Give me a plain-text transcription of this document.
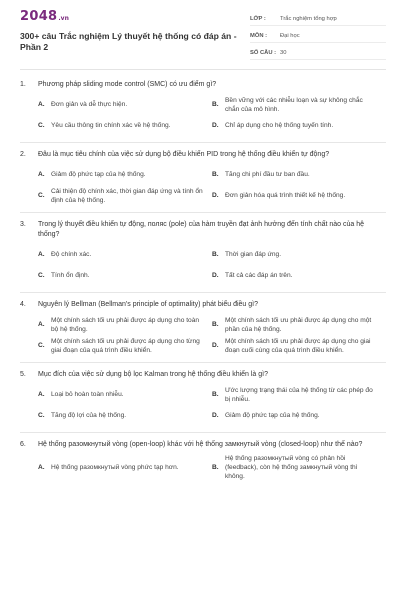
2048 .vn
300+ câu Trắc nghiệm Lý thuyết hệ thống có đáp án - Phần 2
LỚP :	Trắc nghiệm tổng hợp
MÔN :	Đại học
SỐ CÂU : 30
1.	Phương pháp sliding mode control (SMC) có ưu điểm gì?
A. Đơn giản và dễ thực hiện.	B.
Bền vững với các nhiễu loạn và sự không chắc chắn của mô hình.
C. Yêu cầu thông tin chính xác về hệ thống.	D. Chỉ áp dụng cho hệ thống tuyến tính.
2.	Đâu là mục tiêu chính của việc sử dụng bộ điều khiển PID trong hệ thống điều khiển tự động?
A. Giảm độ phức tạp của hệ thống.	B. Tăng chi phí đầu tư ban đầu.
C.
Cải thiện độ chính xác, thời gian đáp ứng và tính ổn định của hệ thống.
D. Đơn giản hóa quá trình thiết kế hệ thống.
3.	Trong lý thuyết điều khiển tự động, поляс (pole) của hàm truyền đạt ảnh hưởng đến tính chất nào của hệ thống?
A. Độ chính xác.	B. Thời gian đáp ứng.
C. Tính ổn định.	D. Tất cả các đáp án trên.
4.	Nguyên lý Bellman (Bellman's principle of optimality) phát biểu điều gì?
A.
Một chính sách tối ưu phải được áp dụng cho toàn bộ hệ thống.
B.
Một chính sách tối ưu phải được áp dụng cho một phần của hệ thống.
C.
Một chính sách tối ưu phải được áp dụng cho từng giai đoạn của quá trình điều khiển.
D.
Một chính sách tối ưu phải được áp dụng cho giai đoạn cuối cùng của quá trình điều khiển.
5.	Mục đích của việc sử dụng bộ lọc Kalman trong hệ thống điều khiển là gì?
A. Loại bỏ hoàn toàn nhiễu.	B.
Ước lượng trạng thái của hệ thống từ các phép đo bị nhiễu.
C. Tăng độ lợi của hệ thống.	D. Giảm độ phức tạp của hệ thống.
6.	Hệ thống разомкнутый vòng (open-loop) khác với hệ thống замкнутый vòng (closed-loop) như thế nào?
A. Hệ thống разомкнутый vòng phức tạp hơn.	B.
Hệ thống разомкнутый vòng có phản hồi (feedback), còn hệ thống замкнутый vòng thì không.
